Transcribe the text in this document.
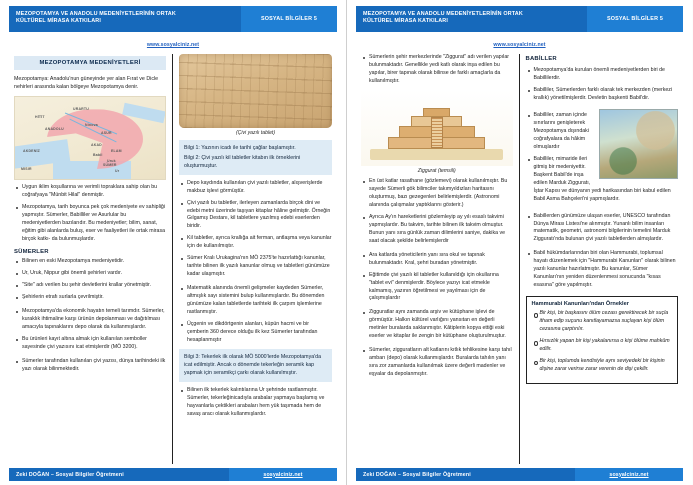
MEZOPOTAMYA VE ANADOLU MEDENİYETLERİNİN ORTAK
KÜLTÜREL MİRASA KATKILARI	SOSYAL BİLGİLER 5
www.sosyalciniz.net
MEZOPOTAMYA MEDENİYETLERİ

Mezopotamya: Anadolu'nun güneyinde yer alan Fırat ve Dicle nehirleri arasında kalan bölgeye Mezopotamya denir.

HİTİT
URARTU
ANADOLU
AKDENİZ
ASUR
ELAM
AKAD
SÜMER
MISIR
Ninova
Babil
Ur
Uruk
Uygun iklim koşullarına ve verimli topraklara sahip olan bu coğrafyaya "Münbit Hilal" denmiştir.
Mezopotamya, tarih boyunca pek çok medeniyete ev sahipliği yapmıştır. Sümerler, Babilliler ve Asurlular bu medeniyetlerden bazılarıdır. Bu medeniyetler; bilim, sanat, eğitim gibi alanlarda buluş, eser ve faaliyetleri ile ortak mirasa birçok katkı- da bulunmuşlardır.
SÜMERLER
Bilinen en eski Mezopotamya medeniyetidir.
Ur, Uruk, Nippur gibi önemli şehirleri vardır.
"Site" adı verilen bu şehir devletlerini krallar yönetmiştir.
Şehirlerin etrafı surlarla çevrilmiştir.
Mezopotamya'da ekonomik hayatın temeli tarımdır. Sümerler, kuraklık ihtimaline karşı ürünün depolanması ve dağıtılması amacıyla tapınaklarını depo olarak da kullanmışlardır.
Bu ürünleri kayıt altına almak için kullanılan semboller sayesinde çivi yazısını icat etmişlerdir (MÖ 3200).
Sümerler tarafından kullanılan çivi yazısı, dünya tarihindeki ilk yazı olarak bilinmektedir.
(Çivi yazılı tablet)
Bilgi 1: Yazının icadı ile tarihi çağlar başlamıştır.
Bilgi 2: Çivi yazılı kil tabletler kitabın ilk örneklerini oluşturmuştur.
Depo kaydında kullanılan çivi yazılı tabletler, alışverişlerde makbuz işlevi görmüştür.
Çivi yazılı bu tabletler, ilerleyen zamanlarda birçok dini ve edebi metni üzerinde taşıyan kitaplar hâline gelmiştir. Örneğin Gılgamış Destanı, kil tabletlere yazılmış edebi eserlerden biridir.
Kil tabletler, ayrıca krallığa ait ferman, antlaşma veya kanunlar için de kullanılmıştır.
Sümer Kralı Urukagina'nın MÖ 2375'te hazırlattığı kanunlar, tarihte bilinen ilk yazılı kanunlar olmuş ve tabletleri günümüze kadar ulaşmıştır.
Matematik alanında önemli gelişmeler kaydeden Sümerler, altmışlık sayı sistemini bulup kullanmışlardır. Bu dönemden günümüze kalan tabletlerde tarihteki ilk çarpım işlemlerine rastlanmıştır.
Üçgenin ve dikdörtgenin alanları, küpün hacmi ve bir çemberin 360 derece olduğu ilk kez Sümerler tarafından hesaplanmıştır
Bilgi 3: Tekerlek ilk olarak MÖ 5000'lerde Mezopotamya'da icat edilmiştir. Ancak o dönemde tekerleğin seramik kap yapmak için seramikçi çarkı olarak kullanılmıştır.
Bilinen ilk tekerlek kalıntılarına Ur şehrinde rastlanmıştır. Sümerler, tekerleğinicadıyla arabalar yapmaya başlamış ve hayvanlarla çektikleri arabaları hem yük taşımada hem de savaş aracı olarak kullanmışlardır.
Zeki DOĞAN – Sosyal Bilgiler Öğretmeni	sosyalciniz.net
MEZOPOTAMYA VE ANADOLU MEDENİYETLERİNİN ORTAK
KÜLTÜREL MİRASA KATKILARI	SOSYAL BİLGİLER 5
www.sosyalciniz.net
Sümerlerin şehir merkezlerinde "Ziggurat" adı verilen yapılar bulunmaktadır. Genellikle yedi katlı olarak inşa edilen bu yapılar, birer tapınak olarak bilinse de farklı amaçlarla da kullanılmıştır.
Ziggurat (temsili)
En üst katlar rasathane (gözlemevi) olarak kullanılmıştır. Bu sayede Sümerli gök bilimciler takımyıldızları haritasını oluşturmuş, bazı gezegenleri belirlemişlerdir. (Astronomi alanında çalışmalar yaptıklarını gösterir.)
Ayrıca Ay'ın hareketlerini gözlemleyip ay yılı esaslı takvimi yapmışlardır. Bu takvim, tarihte bilinen ilk takvim olmuştur. Bunun yanı sıra günlük zaman dilimlerini saniye, dakika ve saat olacak şekilde belirlemişlerdir
Ara katlarda yöneticilerin yanı sıra okul ve tapınak bulunmaktadır. Kral, şehri buradan yönetmiştir.
Eğitimde çivi yazılı kil tabletler kullanıldığı için okullarına "tablet evi" denmişlerdir. Böylece yazıyı icat etmekle kalmamış, yazının öğretilmesi ve yayılması için de çalışmışlardır
Zigguratlar aynı zamanda arşiv ve kütüphane işlevi de görmüştür. Halkın kültürel varlığını yansıtan en değerli metinler buralarda saklanmıştır. Kâtiplerin kopya ettiği eski eserler ve kitaplar ile zengin bir kütüphane oluşturulmuştur.
Sümerler, zigguratların alt katlarını kıtlık tehlikesine karşı tahıl ambarı (depo) olarak kullanmışlardır. Buralarda tahılın yanı sıra zor zamanlarda kullanılmak üzere değerli madenler ve eşyalar da depolanmıştır.
BABİLLER
Mezopotamya'da kurulan önemli medeniyetlerden biri de Babillilerdir.
Babilliler, Sümerlerden farklı olarak tek merkezden (merkezi krallık) yönetilmişlerdir. Devletin başkenti Babil'dir.
Babilliler, zaman içinde sınırlarını genişleterek Mezopotamya dışındaki coğrafyalara da hâkim olmuşlardır
Babilliler, mimaride ileri gitmiş bir medeniyettir. Başkent Babil'de inşa edilen Marduk Zigguratı, İştar Kapısı ve dünyanın yedi harikasından biri kabul edilen Babil Asma Bahçeleri'ni yapmışlardır.
Babillerden günümüze ulaşan eserler, UNESCO tarafından Dünya Mirası Listesi'ne alınmıştır. Yunanlı bilim insanları matematik, geometri, astronomi bilgilerinin temelini Marduk Zigguratı'nda bulunan çivi yazılı tabletlerden almışlardır.
Babil hükümdarlarından biri olan Hammurabi, toplumsal hayatı düzenlemek için "Hammurabi Kanunları" olarak bilinen yazılı kanunlar hazırlatmıştır. Bu kanunlar, Sümer Kanunları'nın yeniden düzenlenmesi sonucunda "kısas esasına" göre yapılmıştır.
Hammurabi Kanunları'ndan Örnekler
Bir kişi, bir başkasını ölüm cezası gerektirecek bir suçla itham edip suçunu kanıtlayamazsa suçlayan kişi ölüm cezasına çarptırılır.
Hırsızlık yapan bir kişi yakalanırsa o kişi ölüme mahkûm edilir.
Bir kişi, toplumda kendisiyle aynı seviyedeki bir kişinin dişine zarar verirse zarar verenin de dişi çekilir.
Zeki DOĞAN – Sosyal Bilgiler Öğretmeni	sosyalciniz.net
